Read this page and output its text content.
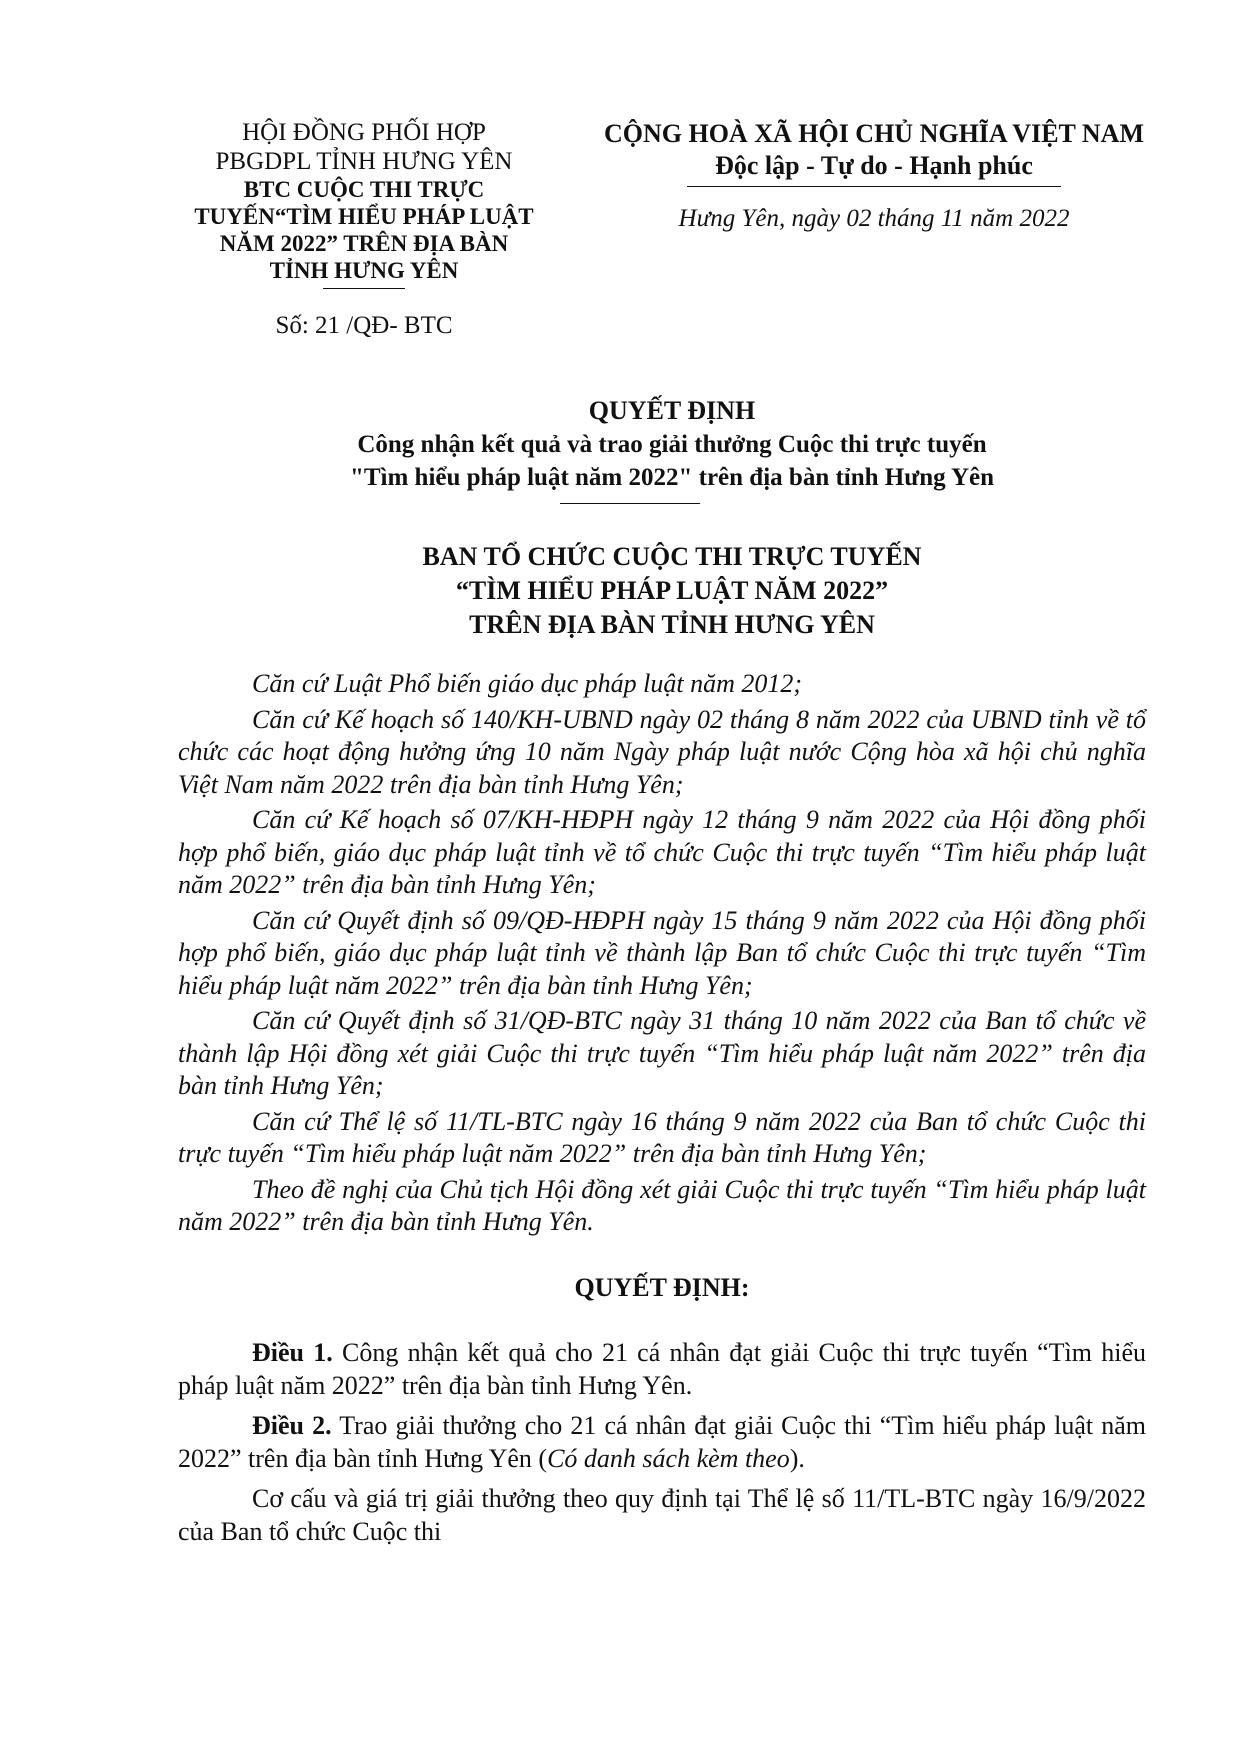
HỘI ĐỒNG PHỐI HỢP
PBGDPL TỈNH HƯNG YÊN
BTC CUỘC THI TRỰC
TUYẾN“TÌM HIỂU PHÁP LUẬT
NĂM 2022” TRÊN ĐỊA BÀN
TỈNH HƯNG YÊN
Số: 21 /QĐ- BTC
CỘNG HOÀ XÃ HỘI CHỦ NGHĨA VIỆT NAM
Độc lập - Tự do - Hạnh phúc
Hưng Yên, ngày 02 tháng 11 năm 2022
QUYẾT ĐỊNH
Công nhận kết quả và trao giải thưởng Cuộc thi trực tuyến
"Tìm hiểu pháp luật năm 2022" trên địa bàn tỉnh Hưng Yên
BAN TỔ CHỨC CUỘC THI TRỰC TUYẾN
“TÌM HIỂU PHÁP LUẬT NĂM 2022”
TRÊN ĐỊA BÀN TỈNH HƯNG YÊN

Căn cứ Luật Phổ biến giáo dục pháp luật năm 2012;

Căn cứ Kế hoạch số 140/KH-UBND ngày 02 tháng 8 năm 2022 của UBND tỉnh về tổ chức các hoạt động hưởng ứng 10 năm Ngày pháp luật nước Cộng hòa xã hội chủ nghĩa Việt Nam năm 2022 trên địa bàn tỉnh Hưng Yên;

Căn cứ Kế hoạch số 07/KH-HĐPH ngày 12 tháng 9 năm 2022 của Hội đồng phối hợp phổ biến, giáo dục pháp luật tỉnh về tổ chức Cuộc thi trực tuyến “Tìm hiểu pháp luật năm 2022” trên địa bàn tỉnh Hưng Yên;

Căn cứ Quyết định số 09/QĐ-HĐPH ngày 15 tháng 9 năm 2022 của Hội đồng phối hợp phổ biến, giáo dục pháp luật tỉnh về thành lập Ban tổ chức Cuộc thi trực tuyến “Tìm hiểu pháp luật năm 2022” trên địa bàn tỉnh Hưng Yên;

Căn cứ Quyết định số 31/QĐ-BTC ngày 31 tháng 10 năm 2022 của Ban tổ chức về thành lập Hội đồng xét giải Cuộc thi trực tuyến “Tìm hiểu pháp luật năm 2022” trên địa bàn tỉnh Hưng Yên;

Căn cứ Thể lệ số 11/TL-BTC ngày 16 tháng 9 năm 2022 của Ban tổ chức Cuộc thi trực tuyến “Tìm hiểu pháp luật năm 2022” trên địa bàn tỉnh Hưng Yên;

Theo đề nghị của Chủ tịch Hội đồng xét giải Cuộc thi trực tuyến “Tìm hiểu pháp luật năm 2022” trên địa bàn tỉnh Hưng Yên.

QUYẾT ĐỊNH:

Điều 1. Công nhận kết quả cho 21 cá nhân đạt giải Cuộc thi trực tuyến “Tìm hiểu pháp luật năm 2022” trên địa bàn tỉnh Hưng Yên.

Điều 2. Trao giải thưởng cho 21 cá nhân đạt giải Cuộc thi “Tìm hiểu pháp luật năm 2022” trên địa bàn tỉnh Hưng Yên (Có danh sách kèm theo).

Cơ cấu và giá trị giải thưởng theo quy định tại Thể lệ số 11/TL-BTC ngày 16/9/2022 của Ban tổ chức Cuộc thi
